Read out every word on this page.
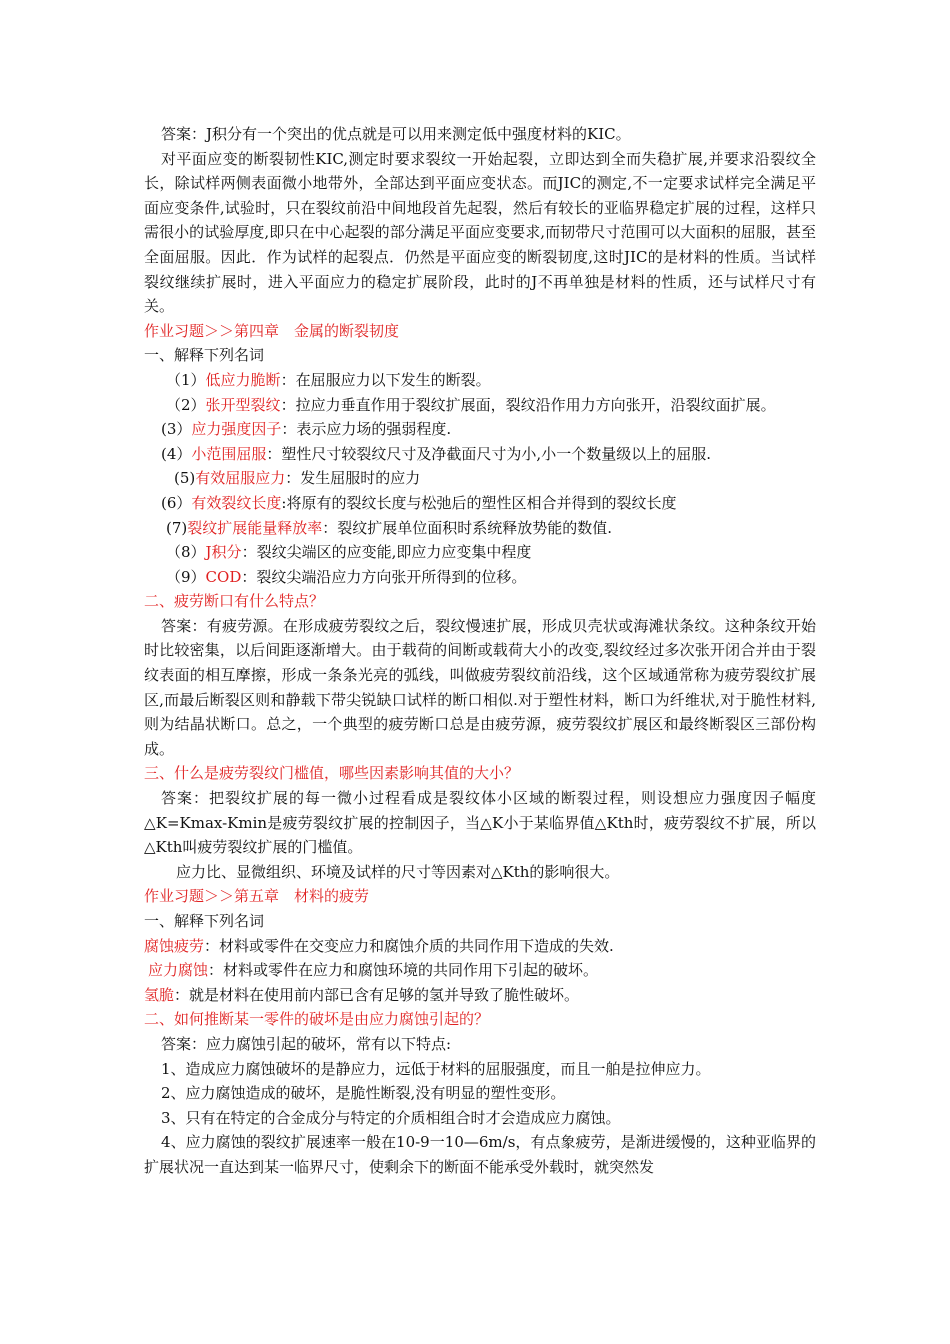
答案：J积分有一个突出的优点就是可以用来测定低中强度材料的KIC。

对平面应变的断裂韧性KIC,测定时要求裂纹一开始起裂，立即达到全而失稳扩展,并要求沿裂纹全长，除试样两侧表面微小地带外，全部达到平面应变状态。而JIC的测定,不一定要求试样完全满足平面应变条件,试验时，只在裂纹前沿中间地段首先起裂，然后有较长的亚临界稳定扩展的过程，这样只需很小的试验厚度,即只在中心起裂的部分满足平面应变要求,而韧带尺寸范围可以大面积的屈服，甚至全面屈服。因此．作为试样的起裂点．仍然是平面应变的断裂韧度,这时JIC的是材料的性质。当试样裂纹继续扩展时，进入平面应力的稳定扩展阶段，此时的J不再单独是材料的性质，还与试样尺寸有关。

作业习题＞＞第四章　金属的断裂韧度

一、解释下列名词

（1）低应力脆断：在屈服应力以下发生的断裂。

（2）张开型裂纹：拉应力垂直作用于裂纹扩展面，裂纹沿作用力方向张开，沿裂纹面扩展。

(3）应力强度因子：表示应力场的强弱程度.

(4）小范围屈服：塑性尺寸较裂纹尺寸及净截面尺寸为小,小一个数量级以上的屈服.

(5)有效屈服应力：发生屈服时的应力

(6）有效裂纹长度:将原有的裂纹长度与松弛后的塑性区相合并得到的裂纹长度

(7)裂纹扩展能量释放率：裂纹扩展单位面积时系统释放势能的数值.

（8）J积分：裂纹尖端区的应变能,即应力应变集中程度

（9）COD：裂纹尖端沿应力方向张开所得到的位移。

二、疲劳断口有什么特点？

答案：有疲劳源。在形成疲劳裂纹之后，裂纹慢速扩展，形成贝壳状或海滩状条纹。这种条纹开始时比较密集，以后间距逐渐增大。由于载荷的间断或载荷大小的改变,裂纹经过多次张开闭合并由于裂纹表面的相互摩擦，形成一条条光亮的弧线，叫做疲劳裂纹前沿线，这个区域通常称为疲劳裂纹扩展区,而最后断裂区则和静载下带尖锐缺口试样的断口相似.对于塑性材料，断口为纤维状,对于脆性材料,则为结晶状断口。总之，一个典型的疲劳断口总是由疲劳源，疲劳裂纹扩展区和最终断裂区三部份构成。

三、什么是疲劳裂纹门槛值，哪些因素影响其值的大小？

答案：把裂纹扩展的每一微小过程看成是裂纹体小区域的断裂过程，则设想应力强度因子幅度△K=Kmax-Kmin是疲劳裂纹扩展的控制因子，当△K小于某临界值△Kth时，疲劳裂纹不扩展，所以△Kth叫疲劳裂纹扩展的门槛值。

应力比、显微组织、环境及试样的尺寸等因素对△Kth的影响很大。

作业习题＞＞第五章　材料的疲劳

一、解释下列名词

腐蚀疲劳：材料或零件在交变应力和腐蚀介质的共同作用下造成的失效.

应力腐蚀：材料或零件在应力和腐蚀环境的共同作用下引起的破坏。

氢脆：就是材料在使用前内部已含有足够的氢并导致了脆性破坏。

二、如何推断某一零件的破坏是由应力腐蚀引起的？

答案：应力腐蚀引起的破坏，常有以下特点:

1、造成应力腐蚀破坏的是静应力，远低于材料的屈服强度，而且一舶是拉伸应力。

2、应力腐蚀造成的破坏，是脆性断裂,没有明显的塑性变形。

3、只有在特定的合金成分与特定的介质相组合时才会造成应力腐蚀。

4、应力腐蚀的裂纹扩展速率一般在10-9一10—6m/s，有点象疲劳，是渐进缓慢的，这种亚临界的扩展状况一直达到某一临界尺寸，使剩余下的断面不能承受外载时，就突然发
